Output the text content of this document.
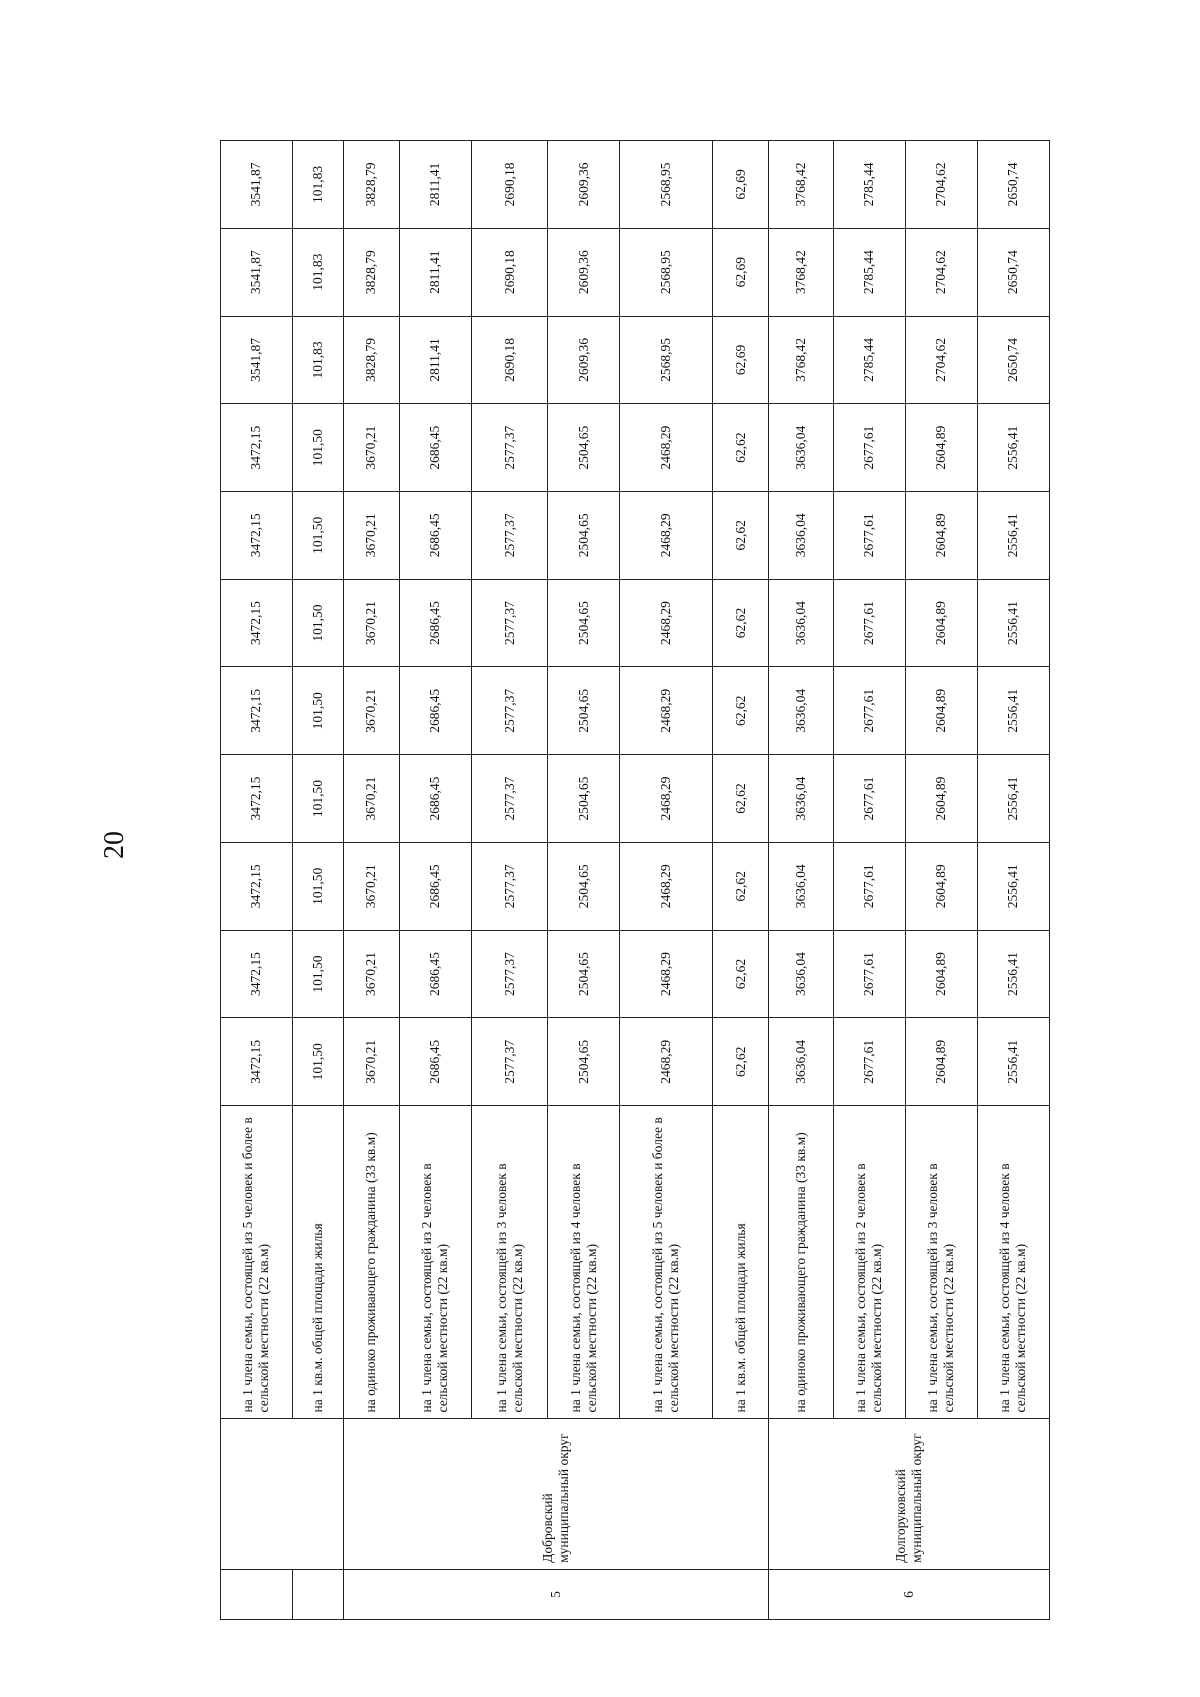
20
		на 1 члена семьи, состоящей из 5 человек и более в сельской местности (22 кв.м)	3472,15	3472,15	3472,15	3472,15	3472,15	3472,15	3472,15	3472,15	3541,87	3541,87	3541,87
		на 1 кв.м. общей площади жилья	101,50	101,50	101,50	101,50	101,50	101,50	101,50	101,50	101,83	101,83	101,83
5	Добровский муниципальный округ	на одиноко проживающего гражданина (33 кв.м)	3670,21	3670,21	3670,21	3670,21	3670,21	3670,21	3670,21	3670,21	3828,79	3828,79	3828,79
		на 1 члена семьи, состоящей из 2 человек в сельской местности (22 кв.м)	2686,45	2686,45	2686,45	2686,45	2686,45	2686,45	2686,45	2686,45	2811,41	2811,41	2811,41
		на 1 члена семьи, состоящей из 3 человек в сельской местности (22 кв.м)	2577,37	2577,37	2577,37	2577,37	2577,37	2577,37	2577,37	2577,37	2690,18	2690,18	2690,18
		на 1 члена семьи, состоящей из 4 человек в сельской местности (22 кв.м)	2504,65	2504,65	2504,65	2504,65	2504,65	2504,65	2504,65	2504,65	2609,36	2609,36	2609,36
		на 1 члена семьи, состоящей из 5 человек и более в сельской местности (22 кв.м)	2468,29	2468,29	2468,29	2468,29	2468,29	2468,29	2468,29	2468,29	2568,95	2568,95	2568,95
		на 1 кв.м. общей площади жилья	62,62	62,62	62,62	62,62	62,62	62,62	62,62	62,62	62,69	62,69	62,69
6	Долгоруковский муниципальный округ	на одиноко проживающего гражданина (33 кв.м)	3636,04	3636,04	3636,04	3636,04	3636,04	3636,04	3636,04	3636,04	3768,42	3768,42	3768,42
		на 1 члена семьи, состоящей из 2 человек в сельской местности (22 кв.м)	2677,61	2677,61	2677,61	2677,61	2677,61	2677,61	2677,61	2677,61	2785,44	2785,44	2785,44
		на 1 члена семьи, состоящей из 3 человек в сельской местности (22 кв.м)	2604,89	2604,89	2604,89	2604,89	2604,89	2604,89	2604,89	2604,89	2704,62	2704,62	2704,62
		на 1 члена семьи, состоящей из 4 человек в сельской местности (22 кв.м)	2556,41	2556,41	2556,41	2556,41	2556,41	2556,41	2556,41	2556,41	2650,74	2650,74	2650,74
